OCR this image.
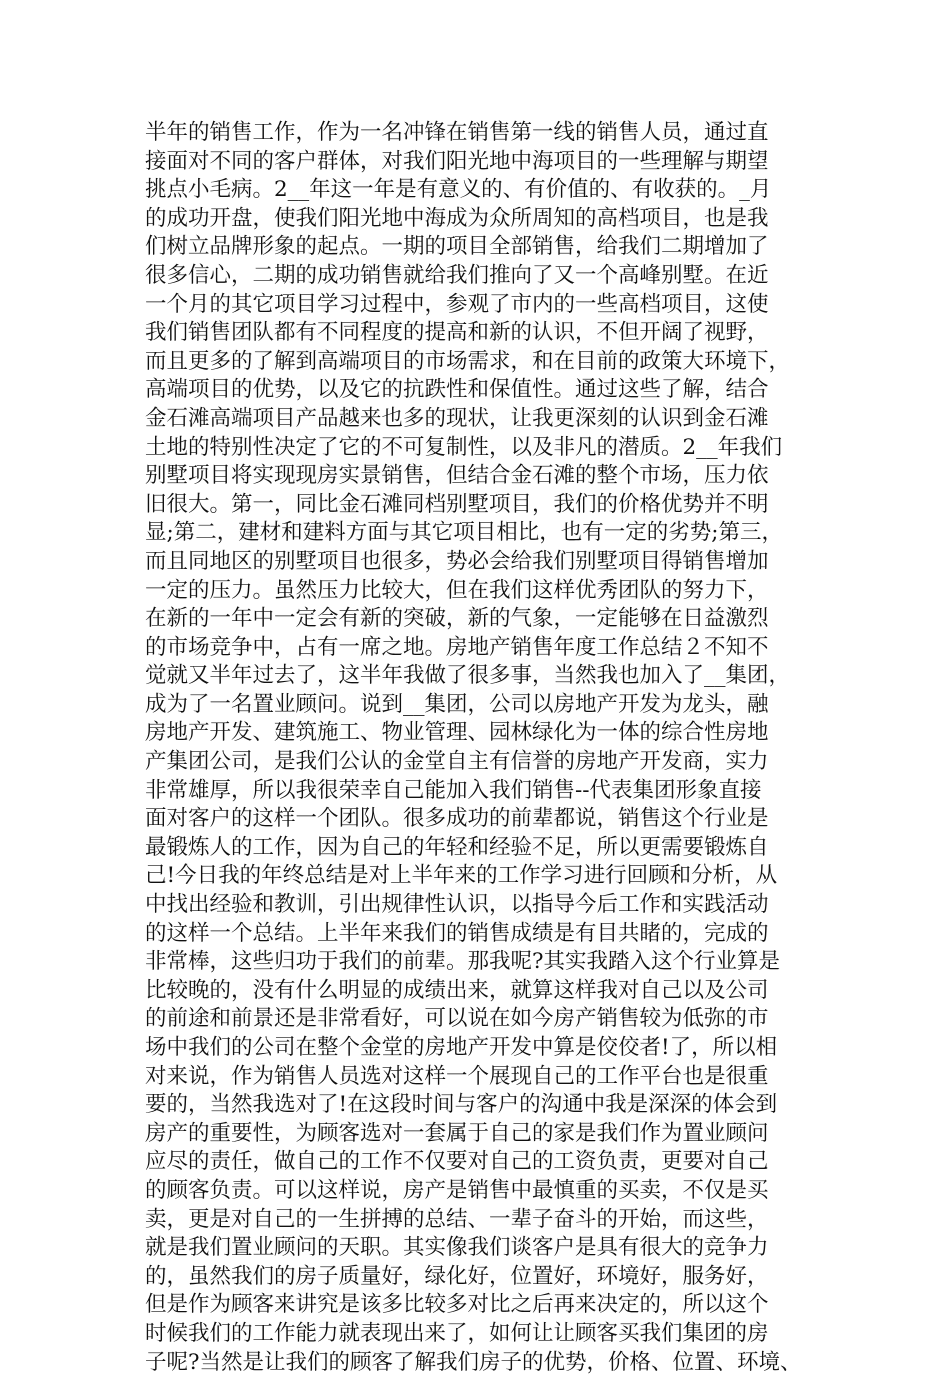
半年的销售工作，作为一名冲锋在销售第一线的销售人员，通过直
接面对不同的客户群体，对我们阳光地中海项目的一些理解与期望
挑点小毛病。2__年这一年是有意义的、有价值的、有收获的。_月
的成功开盘，使我们阳光地中海成为众所周知的高档项目，也是我
们树立品牌形象的起点。一期的项目全部销售，给我们二期增加了
很多信心，二期的成功销售就给我们推向了又一个高峰别墅。在近
一个月的其它项目学习过程中，参观了市内的一些高档项目，这使
我们销售团队都有不同程度的提高和新的认识，不但开阔了视野，
而且更多的了解到高端项目的市场需求，和在目前的政策大环境下，
高端项目的优势，以及它的抗跌性和保值性。通过这些了解，结合
金石滩高端项目产品越来也多的现状，让我更深刻的认识到金石滩
土地的特别性决定了它的不可复制性，以及非凡的潜质。2__年我们
别墅项目将实现现房实景销售，但结合金石滩的整个市场，压力依
旧很大。第一，同比金石滩同档别墅项目，我们的价格优势并不明
显;第二，建材和建料方面与其它项目相比，也有一定的劣势;第三，
而且同地区的别墅项目也很多，势必会给我们别墅项目得销售增加
一定的压力。虽然压力比较大，但在我们这样优秀团队的努力下，
在新的一年中一定会有新的突破，新的气象，一定能够在日益激烈
的市场竞争中，占有一席之地。房地产销售年度工作总结２不知不
觉就又半年过去了，这半年我做了很多事，当然我也加入了__集团，
成为了一名置业顾问。说到__集团，公司以房地产开发为龙头，融
房地产开发、建筑施工、物业管理、园林绿化为一体的综合性房地
产集团公司，是我们公认的金堂自主有信誉的房地产开发商，实力
非常雄厚，所以我很荣幸自己能加入我们销售--代表集团形象直接
面对客户的这样一个团队。很多成功的前辈都说，销售这个行业是
最锻炼人的工作，因为自己的年轻和经验不足，所以更需要锻炼自
己!今日我的年终总结是对上半年来的工作学习进行回顾和分析，从
中找出经验和教训，引出规律性认识，以指导今后工作和实践活动
的这样一个总结。上半年来我们的销售成绩是有目共睹的，完成的
非常棒，这些归功于我们的前辈。那我呢?其实我踏入这个行业算是
比较晚的，没有什么明显的成绩出来，就算这样我对自己以及公司
的前途和前景还是非常看好，可以说在如今房产销售较为低弥的市
场中我们的公司在整个金堂的房地产开发中算是佼佼者!了，所以相
对来说，作为销售人员选对这样一个展现自己的工作平台也是很重
要的，当然我选对了!在这段时间与客户的沟通中我是深深的体会到
房产的重要性，为顾客选对一套属于自己的家是我们作为置业顾问
应尽的责任，做自己的工作不仅要对自己的工资负责，更要对自己
的顾客负责。可以这样说，房产是销售中最慎重的买卖，不仅是买
卖，更是对自己的一生拼搏的总结、一辈子奋斗的开始，而这些，
就是我们置业顾问的天职。其实像我们谈客户是具有很大的竞争力
的，虽然我们的房子质量好，绿化好，位置好，环境好，服务好，
但是作为顾客来讲究是该多比较多对比之后再来决定的，所以这个
时候我们的工作能力就表现出来了，如何让让顾客买我们集团的房
子呢?当然是让我们的顾客了解我们房子的优势，价格、位置、环境、
